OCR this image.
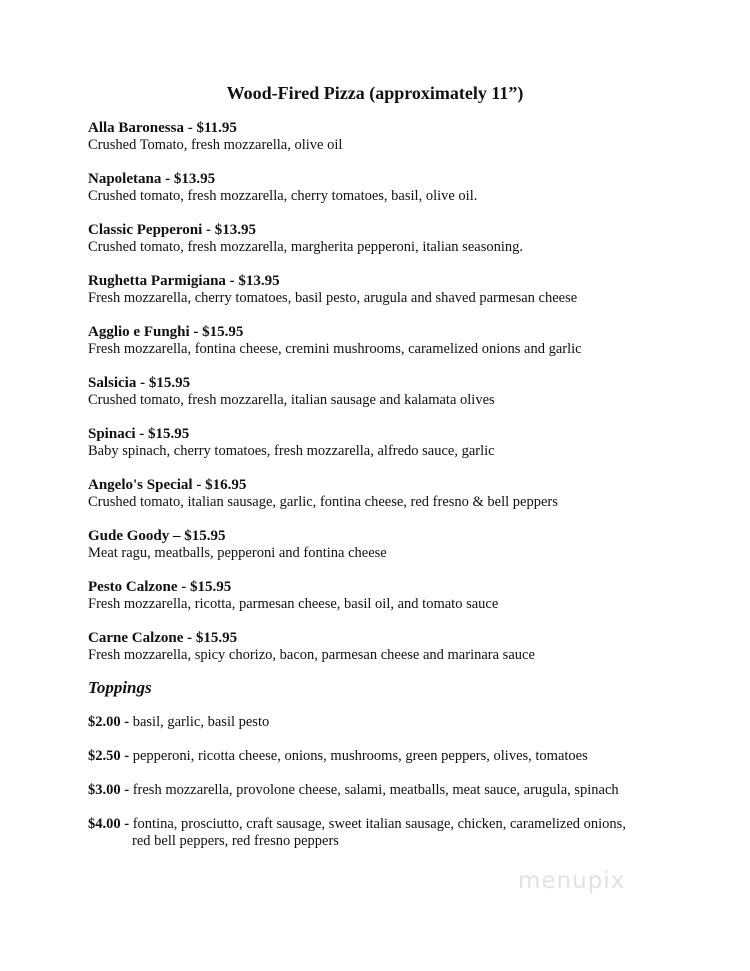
Wood-Fired Pizza (approximately 11”)
Alla Baronessa - $11.95
Crushed Tomato, fresh mozzarella, olive oil
Napoletana - $13.95
Crushed tomato, fresh mozzarella, cherry tomatoes, basil, olive oil.
Classic Pepperoni - $13.95
Crushed tomato, fresh mozzarella, margherita pepperoni, italian seasoning.
Rughetta Parmigiana - $13.95
Fresh mozzarella, cherry tomatoes, basil pesto, arugula and shaved parmesan cheese
Agglio e Funghi - $15.95
Fresh mozzarella, fontina cheese, cremini mushrooms, caramelized onions and garlic
Salsicia - $15.95
Crushed tomato, fresh mozzarella, italian sausage and kalamata olives
Spinaci - $15.95
Baby spinach, cherry tomatoes, fresh mozzarella, alfredo sauce, garlic
Angelo's Special - $16.95
Crushed tomato, italian sausage, garlic, fontina cheese, red fresno & bell peppers
Gude Goody – $15.95
Meat ragu, meatballs, pepperoni and fontina cheese
Pesto Calzone - $15.95
Fresh mozzarella, ricotta, parmesan cheese, basil oil, and tomato sauce
Carne Calzone - $15.95
Fresh mozzarella, spicy chorizo, bacon, parmesan cheese and marinara sauce
Toppings
$2.00 - basil, garlic, basil pesto
$2.50 - pepperoni, ricotta cheese, onions, mushrooms, green peppers, olives, tomatoes
$3.00 - fresh mozzarella, provolone cheese, salami, meatballs, meat sauce, arugula, spinach
$4.00 - fontina, prosciutto, craft sausage, sweet italian sausage, chicken, caramelized onions,
red bell peppers, red fresno peppers
menupix
